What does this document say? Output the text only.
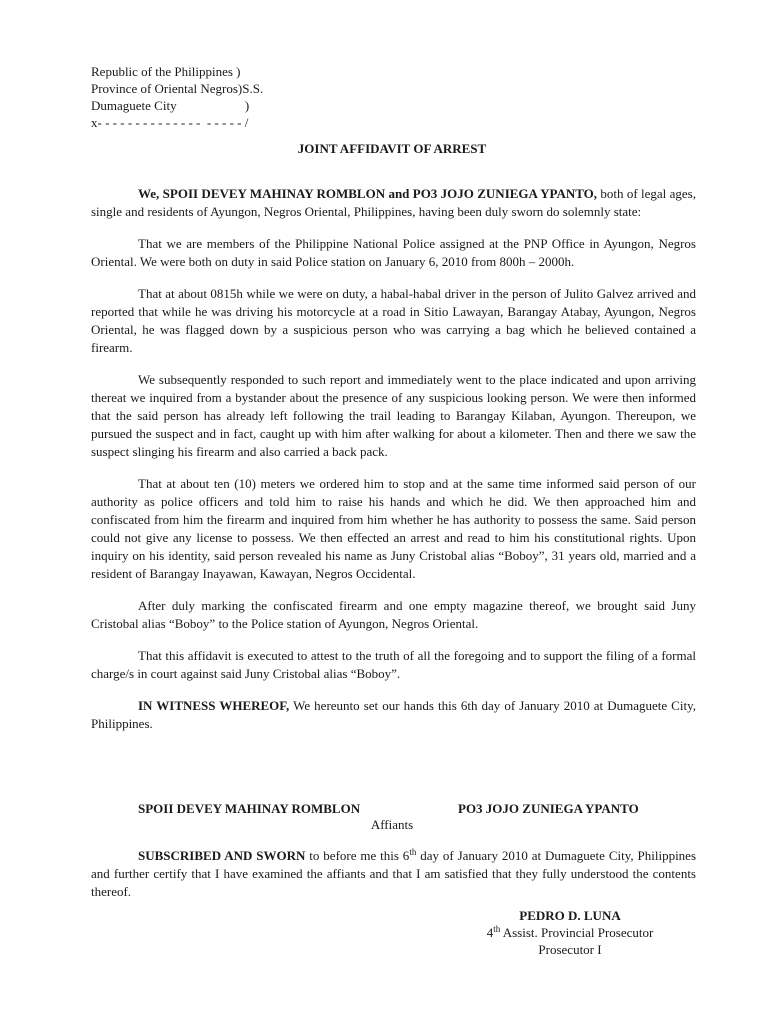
Republic of the Philippines )
Province of Oriental Negros)S.S.
Dumaguete City                     )
x- - - - - - - - - - - - - -  - - - - - /
JOINT AFFIDAVIT OF ARREST

We, SPOII DEVEY MAHINAY ROMBLON and PO3 JOJO ZUNIEGA YPANTO, both of legal ages, single and residents of Ayungon, Negros Oriental, Philippines, having been duly sworn do solemnly state:

That we are members of the Philippine National Police assigned at the PNP Office in Ayungon, Negros Oriental. We were both on duty in said Police station on January 6, 2010 from 800h – 2000h.

That at about 0815h while we were on duty, a habal-habal driver in the person of Julito Galvez arrived and reported that while he was driving his motorcycle at a road in Sitio Lawayan, Barangay Atabay, Ayungon, Negros Oriental, he was flagged down by a suspicious person who was carrying a bag which he believed contained a firearm.

We subsequently responded to such report and immediately went to the place indicated and upon arriving thereat we inquired from a bystander about the presence of any suspicious looking person. We were then informed that the said person has already left following the trail leading to Barangay Kilaban, Ayungon. Thereupon, we pursued the suspect and in fact, caught up with him after walking for about a kilometer. Then and there we saw the suspect slinging his firearm and also carried a back pack.

That at about ten (10) meters we ordered him to stop and at the same time informed said person of our authority as police officers and told him to raise his hands and which he did. We then approached him and confiscated from him the firearm and inquired from him whether he has authority to possess the same. Said person could not give any license to possess. We then effected an arrest and read to him his constitutional rights. Upon inquiry on his identity, said person revealed his name as Juny Cristobal alias “Boboy”, 31 years old, married and a resident of Barangay Inayawan, Kawayan, Negros Occidental.

After duly marking the confiscated firearm and one empty magazine thereof, we brought said Juny Cristobal alias “Boboy” to the Police station of Ayungon, Negros Oriental.

That this affidavit is executed to attest to the truth of all the foregoing and to support the filing of a formal charge/s in court against said Juny Cristobal alias “Boboy”.

IN WITNESS WHEREOF, We hereunto set our hands this 6th day of January 2010 at Dumaguete City, Philippines.

SPOII DEVEY MAHINAY ROMBLON	PO3 JOJO ZUNIEGA YPANTO
Affiants

SUBSCRIBED AND SWORN to before me this 6th day of January 2010 at Dumaguete City, Philippines and further certify that I have examined the affiants and that I am satisfied that they fully understood the contents thereof.

PEDRO D. LUNA
4th Assist. Provincial Prosecutor
Prosecutor I
